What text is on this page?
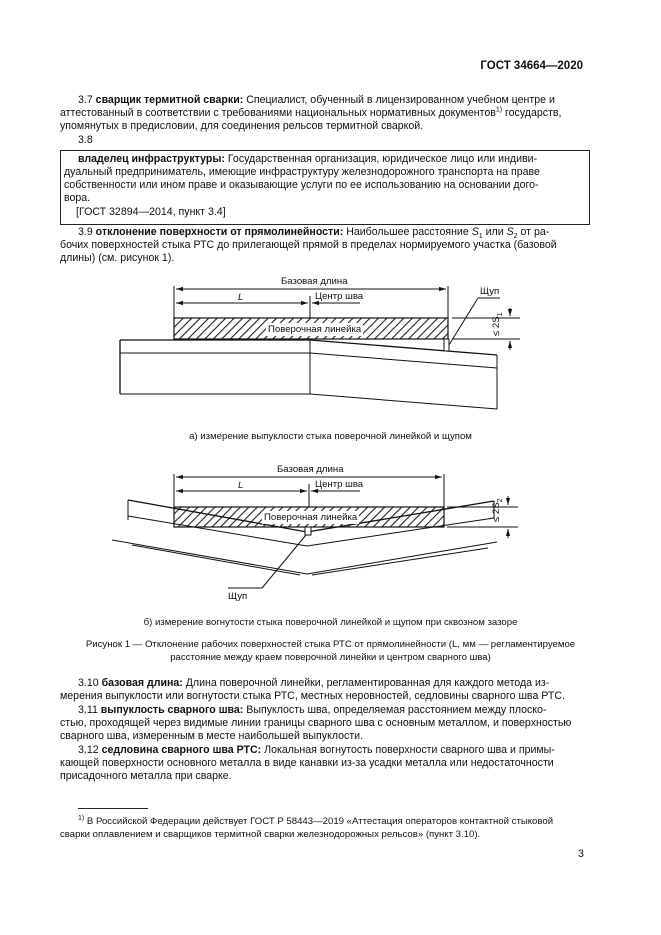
ГОСТ 34664—2020
3.7 сварщик термитной сварки: Специалист, обученный в лицензированном учебном центре и
аттестованный в соответствии с требованиями национальных нормативных документов$^{1)}$ государств,
упомянутых в предисловии, для соединения рельсов термитной сваркой.
3.8
владелец инфраструктуры: Государственная организация, юридическое лицо или индиви-
дуальный предприниматель, имеющие инфраструктуру железнодорожного транспорта на праве
собственности или ином праве и оказывающие услуги по ее использованию на основании дого-
вора.
[ГОСТ 32894—2014, пункт 3.4]
3.9 отклонение поверхности от прямолинейности: Наибольшее расстояние $S_1$ или $S_2$ от ра-
бочих поверхностей стыка РТС до прилегающей прямой в пределах нормируемого участка (базовой
длины) (см. рисунок 1).
Базовая длина
L	Центр шва
Поверочная линейка
Щуп
≤ $2S_1$
а) измерение выпуклости стыка поверочной линейкой и щупом
Базовая длина
L	Центр шва
Поверочная линейка
Щуп
≤ $2S_2$
б) измерение вогнутости стыка поверочной линейкой и щупом при сквозном зазоре
Рисунок 1 — Отклонение рабочих поверхностей стыка РТС от прямолинейности (L, мм — регламентируемое
расстояние между краем поверочной линейки и центром сварного шва)
3.10 базовая длина: Длина поверочной линейки, регламентированная для каждого метода из-
мерения выпуклости или вогнутости стыка РТС, местных неровностей, седловины сварного шва РТС.
3.11 выпуклость сварного шва: Выпуклость шва, определяемая расстоянием между плоско-
стью, проходящей через видимые линии границы сварного шва с основным металлом, и поверхностью
сварного шва, измеренным в месте наибольшей выпуклости.
3.12 седловина сварного шва РТС: Локальная вогнутость поверхности сварного шва и примы-
кающей поверхности основного металла в виде канавки из-за усадки металла или недостаточности
присадочного металла при сварке.
$^{1)}$ В Российской Федерации действует ГОСТ Р 58443—2019 «Аттестация операторов контактной стыковой
сварки оплавлением и сварщиков термитной сварки железнодорожных рельсов» (пункт 3.10).
3
